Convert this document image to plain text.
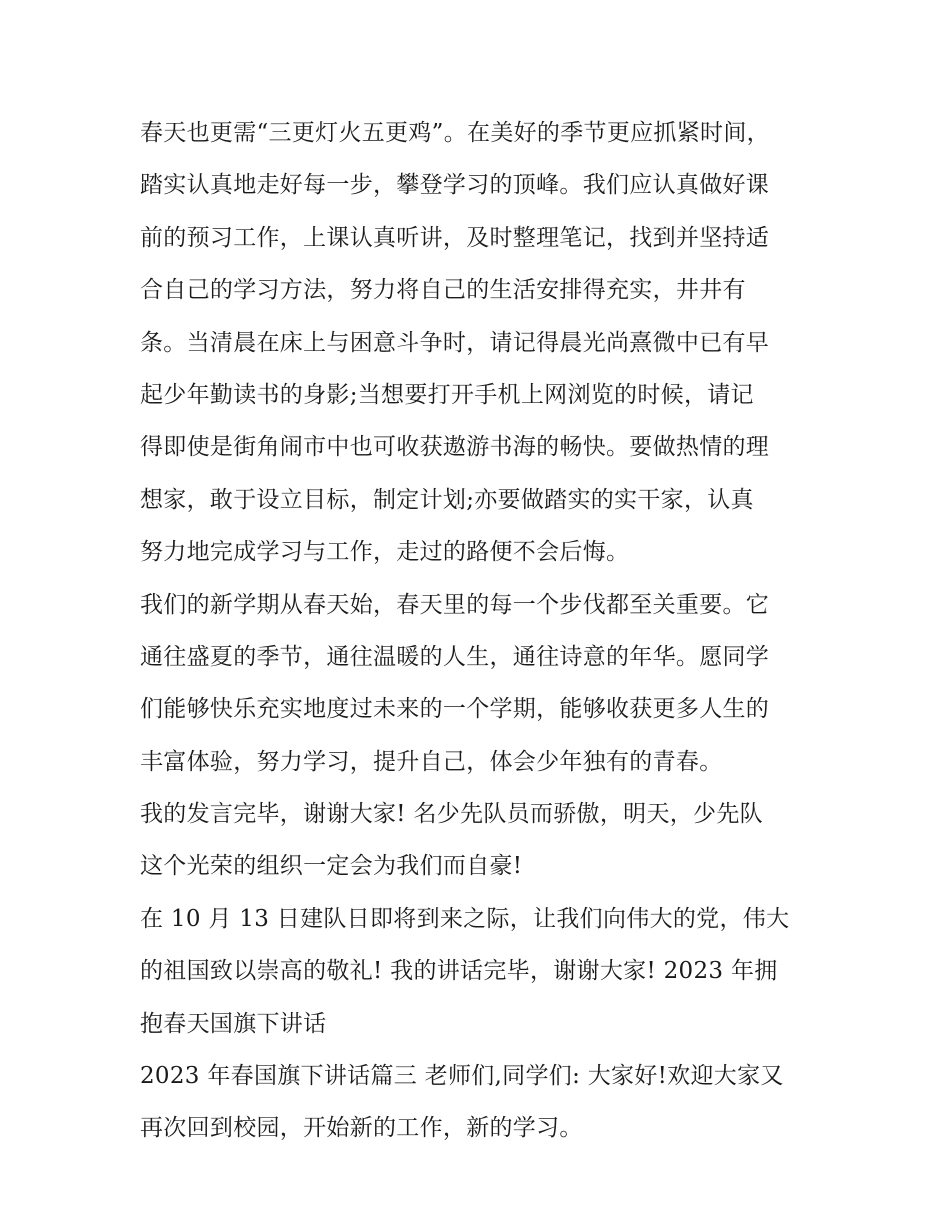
春天也更需“三更灯火五更鸡”。在美好的季节更应抓紧时间，
踏实认真地走好每一步，攀登学习的顶峰。我们应认真做好课
前的预习工作，上课认真听讲，及时整理笔记，找到并坚持适
合自己的学习方法，努力将自己的生活安排得充实，井井有
条。当清晨在床上与困意斗争时，请记得晨光尚熹微中已有早
起少年勤读书的身影;当想要打开手机上网浏览的时候，请记
得即使是街角闹市中也可收获遨游书海的畅快。要做热情的理
想家，敢于设立目标，制定计划;亦要做踏实的实干家，认真
努力地完成学习与工作，走过的路便不会后悔。
我们的新学期从春天始，春天里的每一个步伐都至关重要。它
通往盛夏的季节，通往温暖的人生，通往诗意的年华。愿同学
们能够快乐充实地度过未来的一个学期，能够收获更多人生的
丰富体验，努力学习，提升自己，体会少年独有的青春。
我的发言完毕，谢谢大家! 名少先队员而骄傲，明天，少先队
这个光荣的组织一定会为我们而自豪!
在 10 月 13 日建队日即将到来之际，让我们向伟大的党，伟大
的祖国致以崇高的敬礼! 我的讲话完毕，谢谢大家! 2023 年拥
抱春天国旗下讲话
2023 年春国旗下讲话篇三 老师们,同学们: 大家好!欢迎大家又
再次回到校园，开始新的工作，新的学习。
